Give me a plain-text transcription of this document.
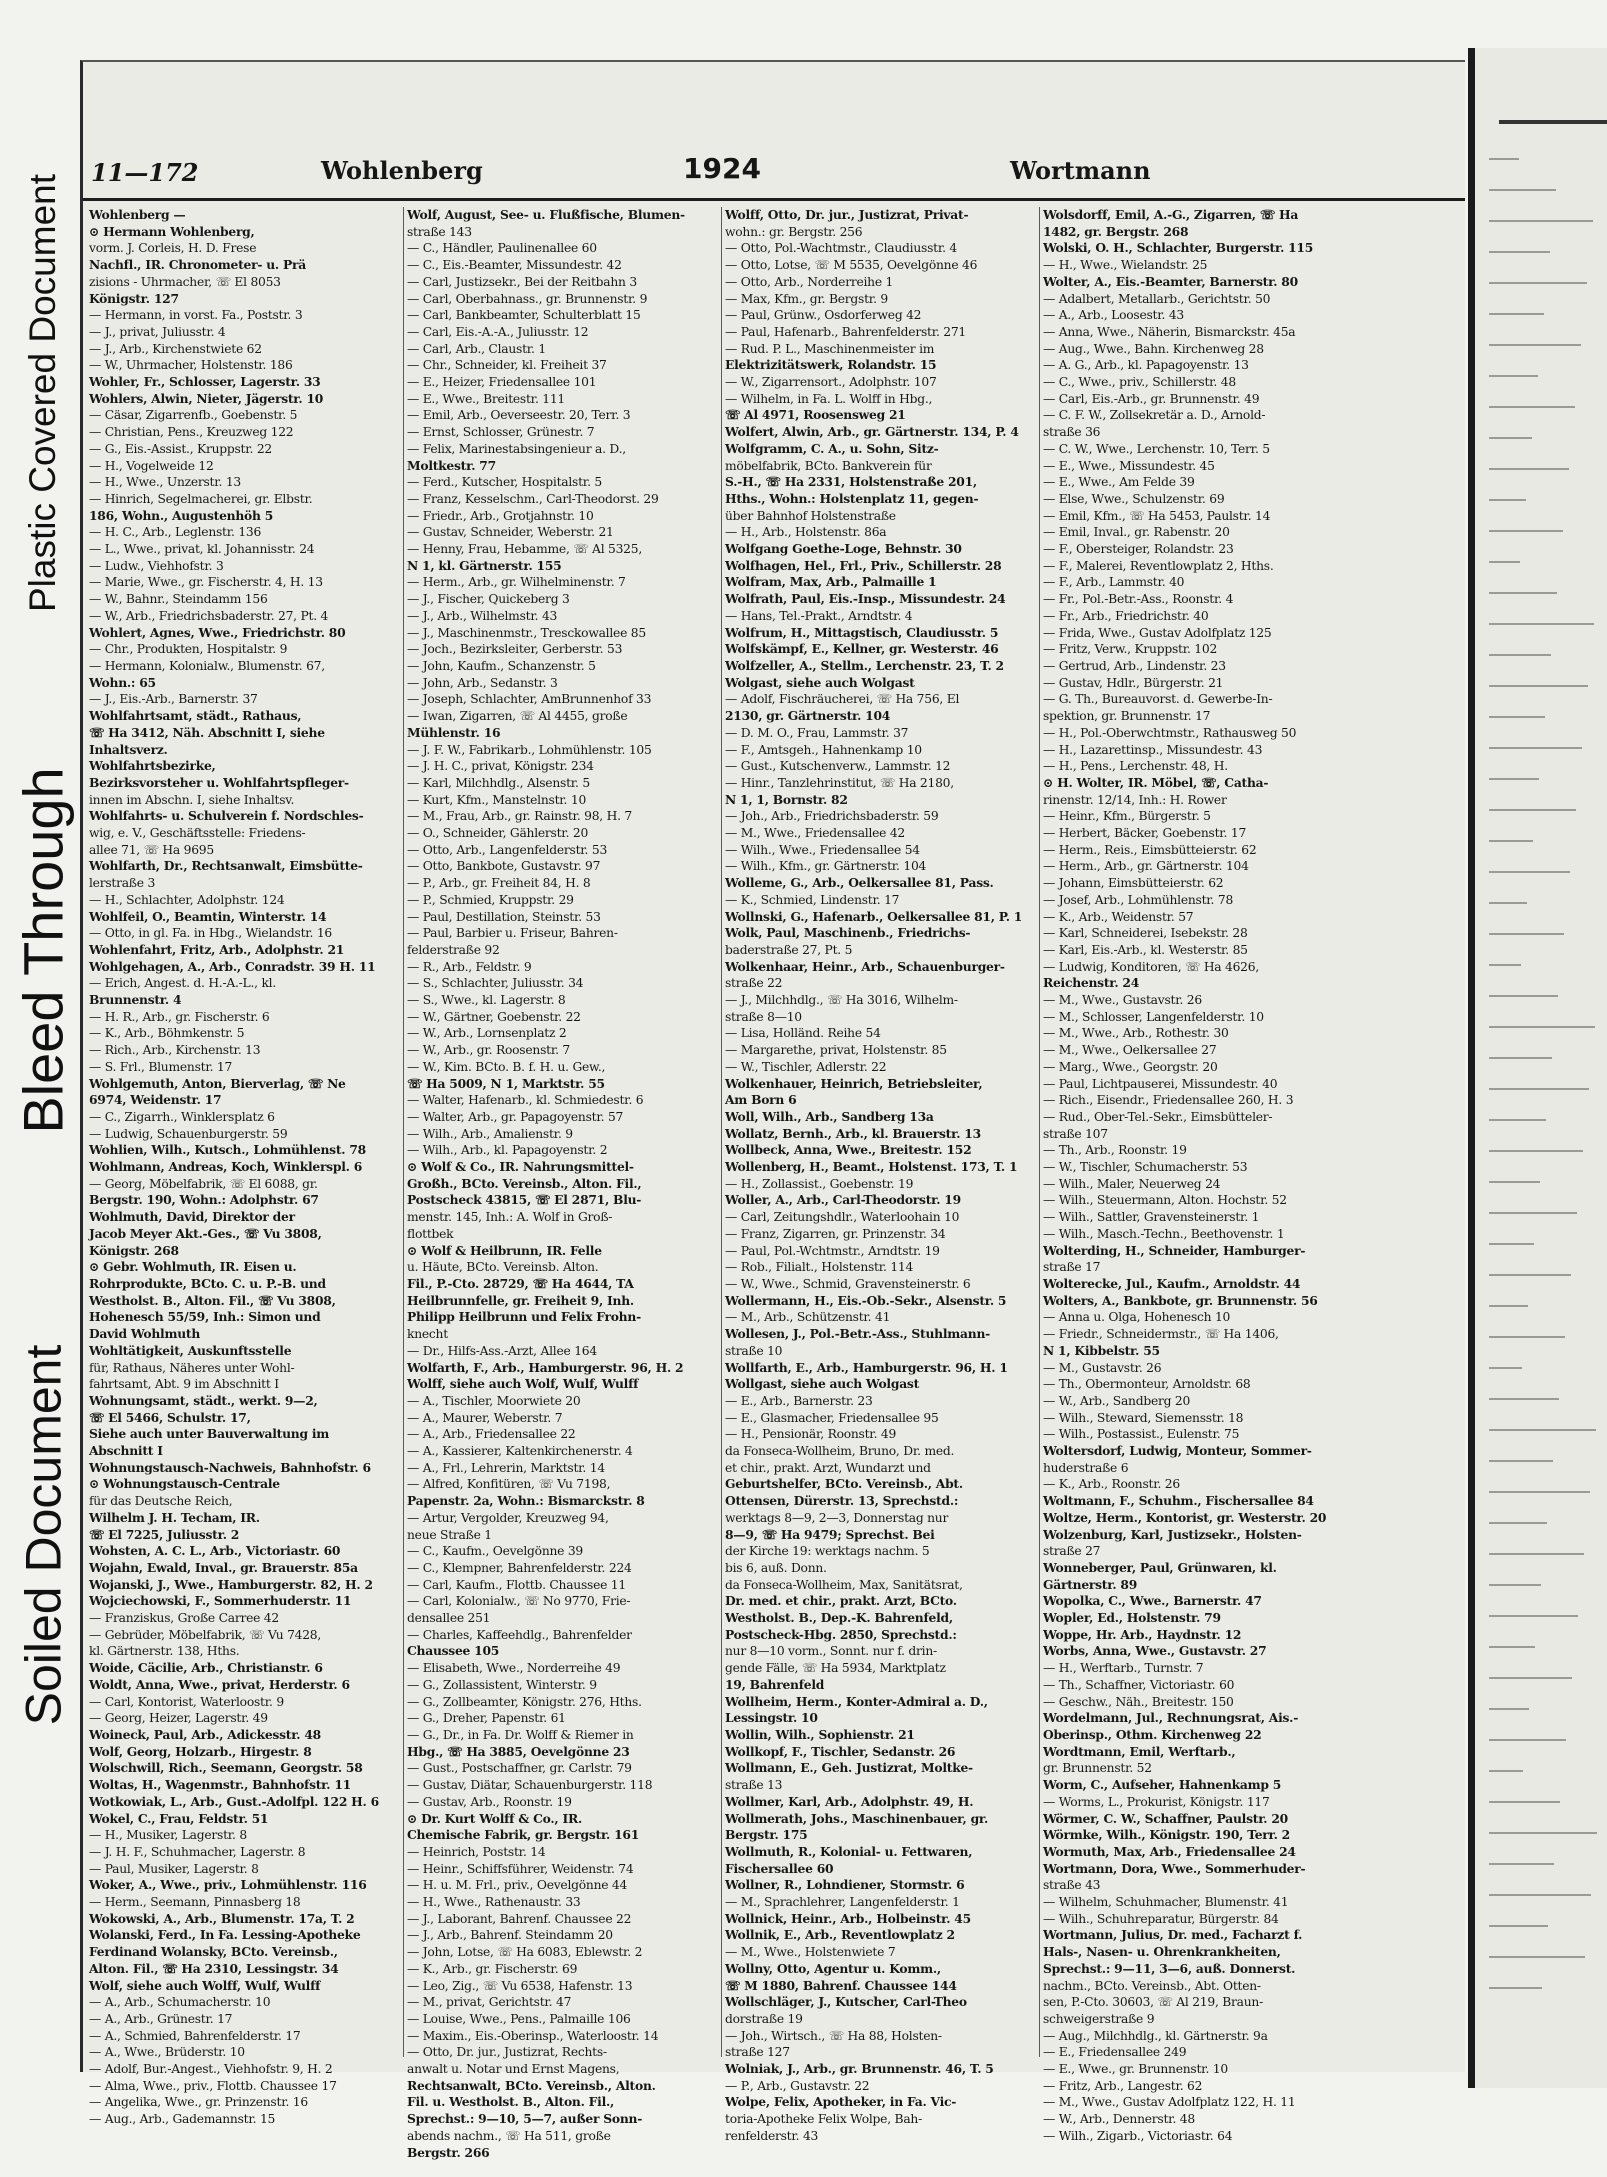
Plastic Covered Document
Bleed Through
Soiled Document
11—172	Wohlenberg	1924	Wortmann
Wohlenberg —
⊙ Hermann Wohlenberg,
vorm. J. Corleis, H. D. Frese
Nachfl., IR. Chronometer- u. Prä
zisions - Uhrmacher, ☏ El 8053
Königstr. 127
— Hermann, in vorst. Fa., Poststr. 3
— J., privat, Juliusstr. 4
— J., Arb., Kirchenstwiete 62
— W., Uhrmacher, Holstenstr. 186
Wohler, Fr., Schlosser, Lagerstr. 33
Wohlers, Alwin, Nieter, Jägerstr. 10
— Cäsar, Zigarrenfb., Goebenstr. 5
— Christian, Pens., Kreuzweg 122
— G., Eis.-Assist., Kruppstr. 22
— H., Vogelweide 12
— H., Wwe., Unzerstr. 13
— Hinrich, Segelmacherei, gr. Elbstr.
186, Wohn., Augustenhöh 5
— H. C., Arb., Leglenstr. 136
— L., Wwe., privat, kl. Johannisstr. 24
— Ludw., Viehhofstr. 3
— Marie, Wwe., gr. Fischerstr. 4, H. 13
— W., Bahnr., Steindamm 156
— W., Arb., Friedrichsbaderstr. 27, Pt. 4
Wohlert, Agnes, Wwe., Friedrichstr. 80
— Chr., Produkten, Hospitalstr. 9
— Hermann, Kolonialw., Blumenstr. 67,
Wohn.: 65
— J., Eis.-Arb., Barnerstr. 37
Wohlfahrtsamt, städt., Rathaus,
☏ Ha 3412, Näh. Abschnitt I, siehe
Inhaltsverz.
Wohlfahrtsbezirke,
Bezirksvorsteher u. Wohlfahrtspfleger-
innen im Abschn. I, siehe Inhaltsv.
Wohlfahrts- u. Schulverein f. Nordschles-
wig, e. V., Geschäftsstelle: Friedens-
allee 71, ☏ Ha 9695
Wohlfarth, Dr., Rechtsanwalt, Eimsbütte-
lerstraße 3
— H., Schlachter, Adolphstr. 124
Wohlfeil, O., Beamtin, Winterstr. 14
— Otto, in gl. Fa. in Hbg., Wielandstr. 16
Wohlenfahrt, Fritz, Arb., Adolphstr. 21
Wohlgehagen, A., Arb., Conradstr. 39 H. 11
— Erich, Angest. d. H.-A.-L., kl.
Brunnenstr. 4
— H. R., Arb., gr. Fischerstr. 6
— K., Arb., Böhmkenstr. 5
— Rich., Arb., Kirchenstr. 13
— S. Frl., Blumenstr. 17
Wohlgemuth, Anton, Bierverlag, ☏ Ne
6974, Weidenstr. 17
— C., Zigarrh., Winklersplatz 6
— Ludwig, Schauenburgerstr. 59
Wohlien, Wilh., Kutsch., Lohmühlenst. 78
Wohlmann, Andreas, Koch, Winklerspl. 6
— Georg, Möbelfabrik, ☏ El 6088, gr.
Bergstr. 190, Wohn.: Adolphstr. 67
Wohlmuth, David, Direktor der
Jacob Meyer Akt.-Ges., ☏ Vu 3808,
Königstr. 268
⊙ Gebr. Wohlmuth, IR. Eisen u.
Rohrprodukte, BCto. C. u. P.-B. und
Westholst. B., Alton. Fil., ☏ Vu 3808,
Hohenesch 55/59, Inh.: Simon und
David Wohlmuth
Wohltätigkeit, Auskunftsstelle
für, Rathaus, Näheres unter Wohl-
fahrtsamt, Abt. 9 im Abschnitt I
Wohnungsamt, städt., werkt. 9—2,
☏ El 5466, Schulstr. 17,
Siehe auch unter Bauverwaltung im
Abschnitt I
Wohnungstausch-Nachweis, Bahnhofstr. 6
⊙ Wohnungstausch-Centrale
für das Deutsche Reich,
Wilhelm J. H. Techam, IR.
☏ El 7225, Juliusstr. 2
Wohsten, A. C. L., Arb., Victoriastr. 60
Wojahn, Ewald, Inval., gr. Brauerstr. 85a
Wojanski, J., Wwe., Hamburgerstr. 82, H. 2
Wojciechowski, F., Sommerhuderstr. 11
— Franziskus, Große Carree 42
— Gebrüder, Möbelfabrik, ☏ Vu 7428,
kl. Gärtnerstr. 138, Hths.
Woide, Cäcilie, Arb., Christianstr. 6
Woldt, Anna, Wwe., privat, Herderstr. 6
— Carl, Kontorist, Waterloostr. 9
— Georg, Heizer, Lagerstr. 49
Woineck, Paul, Arb., Adickesstr. 48
Wolf, Georg, Holzarb., Hirgestr. 8
Wolschwill, Rich., Seemann, Georgstr. 58
Woltas, H., Wagenmstr., Bahnhofstr. 11
Wotkowiak, L., Arb., Gust.-Adolfpl. 122 H. 6
Wokel, C., Frau, Feldstr. 51
— H., Musiker, Lagerstr. 8
— J. H. F., Schuhmacher, Lagerstr. 8
— Paul, Musiker, Lagerstr. 8
Woker, A., Wwe., priv., Lohmühlenstr. 116
— Herm., Seemann, Pinnasberg 18
Wokowski, A., Arb., Blumenstr. 17a, T. 2
Wolanski, Ferd., In Fa. Lessing-Apotheke
Ferdinand Wolansky, BCto. Vereinsb.,
Alton. Fil., ☏ Ha 2310, Lessingstr. 34
Wolf, siehe auch Wolff, Wulf, Wulff
— A., Arb., Schumacherstr. 10
— A., Arb., Grünestr. 17
— A., Schmied, Bahrenfelderstr. 17
— A., Wwe., Brüderstr. 10
— Adolf, Bur.-Angest., Viehhofstr. 9, H. 2
— Alma, Wwe., priv., Flottb. Chaussee 17
— Angelika, Wwe., gr. Prinzenstr. 16
— Aug., Arb., Gademannstr. 15
Wolf, August, See- u. Flußfische, Blumen-
straße 143
— C., Händler, Paulinenallee 60
— C., Eis.-Beamter, Missundestr. 42
— Carl, Justizsekr., Bei der Reitbahn 3
— Carl, Oberbahnass., gr. Brunnenstr. 9
— Carl, Bankbeamter, Schulterblatt 15
— Carl, Eis.-A.-A., Juliusstr. 12
— Carl, Arb., Claustr. 1
— Chr., Schneider, kl. Freiheit 37
— E., Heizer, Friedensallee 101
— E., Wwe., Breitestr. 111
— Emil, Arb., Oeverseestr. 20, Terr. 3
— Ernst, Schlosser, Grünestr. 7
— Felix, Marinestabsingenieur a. D.,
Moltkestr. 77
— Ferd., Kutscher, Hospitalstr. 5
— Franz, Kesselschm., Carl-Theodorst. 29
— Friedr., Arb., Grotjahnstr. 10
— Gustav, Schneider, Weberstr. 21
— Henny, Frau, Hebamme, ☏ Al 5325,
N 1, kl. Gärtnerstr. 155
— Herm., Arb., gr. Wilhelminenstr. 7
— J., Fischer, Quickeberg 3
— J., Arb., Wilhelmstr. 43
— J., Maschinenmstr., Tresckowallee 85
— Joch., Bezirksleiter, Gerberstr. 53
— John, Kaufm., Schanzenstr. 5
— John, Arb., Sedanstr. 3
— Joseph, Schlachter, AmBrunnenhof 33
— Iwan, Zigarren, ☏ Al 4455, große
Mühlenstr. 16
— J. F. W., Fabrikarb., Lohmühlenstr. 105
— J. H. C., privat, Königstr. 234
— Karl, Milchhdlg., Alsenstr. 5
— Kurt, Kfm., Manstelnstr. 10
— M., Frau, Arb., gr. Rainstr. 98, H. 7
— O., Schneider, Gählerstr. 20
— Otto, Arb., Langenfelderstr. 53
— Otto, Bankbote, Gustavstr. 97
— P., Arb., gr. Freiheit 84, H. 8
— P., Schmied, Kruppstr. 29
— Paul, Destillation, Steinstr. 53
— Paul, Barbier u. Friseur, Bahren-
felderstraße 92
— R., Arb., Feldstr. 9
— S., Schlachter, Juliusstr. 34
— S., Wwe., kl. Lagerstr. 8
— W., Gärtner, Goebenstr. 22
— W., Arb., Lornsenplatz 2
— W., Arb., gr. Roosenstr. 7
— W., Kim. BCto. B. f. H. u. Gew.,
☏ Ha 5009, N 1, Marktstr. 55
— Walter, Hafenarb., kl. Schmiedestr. 6
— Walter, Arb., gr. Papagoyenstr. 57
— Wilh., Arb., Amalienstr. 9
— Wilh., Arb., kl. Papagoyenstr. 2
⊙ Wolf & Co., IR. Nahrungsmittel-
Großh., BCto. Vereinsb., Alton. Fil.,
Postscheck 43815, ☏ El 2871, Blu-
menstr. 145, Inh.: A. Wolf in Groß-
flottbek
⊙ Wolf & Heilbrunn, IR. Felle
u. Häute, BCto. Vereinsb. Alton.
Fil., P.-Cto. 28729, ☏ Ha 4644, TA
Heilbrunnfelle, gr. Freiheit 9, Inh.
Philipp Heilbrunn und Felix Frohn-
knecht
— Dr., Hilfs-Ass.-Arzt, Allee 164
Wolfarth, F., Arb., Hamburgerstr. 96, H. 2
Wolff, siehe auch Wolf, Wulf, Wulff
— A., Tischler, Moorwiete 20
— A., Maurer, Weberstr. 7
— A., Arb., Friedensallee 22
— A., Kassierer, Kaltenkirchenerstr. 4
— A., Frl., Lehrerin, Marktstr. 14
— Alfred, Konfitüren, ☏ Vu 7198,
Papenstr. 2a, Wohn.: Bismarckstr. 8
— Artur, Vergolder, Kreuzweg 94,
neue Straße 1
— C., Kaufm., Oevelgönne 39
— C., Klempner, Bahrenfelderstr. 224
— Carl, Kaufm., Flottb. Chaussee 11
— Carl, Kolonialw., ☏ No 9770, Frie-
densallee 251
— Charles, Kaffeehdlg., Bahrenfelder
Chaussee 105
— Elisabeth, Wwe., Norderreihe 49
— G., Zollassistent, Winterstr. 9
— G., Zollbeamter, Königstr. 276, Hths.
— G., Dreher, Papenstr. 61
— G., Dr., in Fa. Dr. Wolff & Riemer in
Hbg., ☏ Ha 3885, Oevelgönne 23
— Gust., Postschaffner, gr. Carlstr. 79
— Gustav, Diätar, Schauenburgerstr. 118
— Gustav, Arb., Roonstr. 19
⊙ Dr. Kurt Wolff & Co., IR.
Chemische Fabrik, gr. Bergstr. 161
— Heinrich, Poststr. 14
— Heinr., Schiffsführer, Weidenstr. 74
— H. u. M. Frl., priv., Oevelgönne 44
— H., Wwe., Rathenaustr. 33
— J., Laborant, Bahrenf. Chaussee 22
— J., Arb., Bahrenf. Steindamm 20
— John, Lotse, ☏ Ha 6083, Eblewstr. 2
— K., Arb., gr. Fischerstr. 69
— Leo, Zig., ☏ Vu 6538, Hafenstr. 13
— M., privat, Gerichtstr. 47
— Louise, Wwe., Pens., Palmaille 106
— Maxim., Eis.-Oberinsp., Waterloostr. 14
— Otto, Dr. jur., Justizrat, Rechts-
anwalt u. Notar und Ernst Magens,
Rechtsanwalt, BCto. Vereinsb., Alton.
Fil. u. Westholst. B., Alton. Fil.,
Sprechst.: 9—10, 5—7, außer Sonn-
abends nachm., ☏ Ha 511, große
Bergstr. 266
Wolff, Otto, Dr. jur., Justizrat, Privat-
wohn.: gr. Bergstr. 256
— Otto, Pol.-Wachtmstr., Claudiusstr. 4
— Otto, Lotse, ☏ M 5535, Oevelgönne 46
— Otto, Arb., Norderreihe 1
— Max, Kfm., gr. Bergstr. 9
— Paul, Grünw., Osdorferweg 42
— Paul, Hafenarb., Bahrenfelderstr. 271
— Rud. P. L., Maschinenmeister im
Elektrizitätswerk, Rolandstr. 15
— W., Zigarrensort., Adolphstr. 107
— Wilhelm, in Fa. L. Wolff in Hbg.,
☏ Al 4971, Roosensweg 21
Wolfert, Alwin, Arb., gr. Gärtnerstr. 134, P. 4
Wolfgramm, C. A., u. Sohn, Sitz-
möbelfabrik, BCto. Bankverein für
S.-H., ☏ Ha 2331, Holstenstraße 201,
Hths., Wohn.: Holstenplatz 11, gegen-
über Bahnhof Holstenstraße
— H., Arb., Holstenstr. 86a
Wolfgang Goethe-Loge, Behnstr. 30
Wolfhagen, Hel., Frl., Priv., Schillerstr. 28
Wolfram, Max, Arb., Palmaille 1
Wolfrath, Paul, Eis.-Insp., Missundestr. 24
— Hans, Tel.-Prakt., Arndtstr. 4
Wolfrum, H., Mittagstisch, Claudiusstr. 5
Wolfskämpf, E., Kellner, gr. Westerstr. 46
Wolfzeller, A., Stellm., Lerchenstr. 23, T. 2
Wolgast, siehe auch Wolgast
— Adolf, Fischräucherei, ☏ Ha 756, El
2130, gr. Gärtnerstr. 104
— D. M. O., Frau, Lammstr. 37
— F., Amtsgeh., Hahnenkamp 10
— Gust., Kutschenverw., Lammstr. 12
— Hinr., Tanzlehrinstitut, ☏ Ha 2180,
N 1, 1, Bornstr. 82
— Joh., Arb., Friedrichsbaderstr. 59
— M., Wwe., Friedensallee 42
— Wilh., Wwe., Friedensallee 54
— Wilh., Kfm., gr. Gärtnerstr. 104
Wolleme, G., Arb., Oelkersallee 81, Pass.
— K., Schmied, Lindenstr. 17
Wollnski, G., Hafenarb., Oelkersallee 81, P. 1
Wolk, Paul, Maschinenb., Friedrichs-
baderstraße 27, Pt. 5
Wolkenhaar, Heinr., Arb., Schauenburger-
straße 22
— J., Milchhdlg., ☏ Ha 3016, Wilhelm-
straße 8—10
— Lisa, Holländ. Reihe 54
— Margarethe, privat, Holstenstr. 85
— W., Tischler, Adlerstr. 22
Wolkenhauer, Heinrich, Betriebsleiter,
Am Born 6
Woll, Wilh., Arb., Sandberg 13a
Wollatz, Bernh., Arb., kl. Brauerstr. 13
Wollbeck, Anna, Wwe., Breitestr. 152
Wollenberg, H., Beamt., Holstenst. 173, T. 1
— H., Zollassist., Goebenstr. 19
Woller, A., Arb., Carl-Theodorstr. 19
— Carl, Zeitungshdlr., Waterloohain 10
— Franz, Zigarren, gr. Prinzenstr. 34
— Paul, Pol.-Wchtmstr., Arndtstr. 19
— Rob., Filialt., Holstenstr. 114
— W., Wwe., Schmid, Gravensteinerstr. 6
Wollermann, H., Eis.-Ob.-Sekr., Alsenstr. 5
— M., Arb., Schützenstr. 41
Wollesen, J., Pol.-Betr.-Ass., Stuhlmann-
straße 10
Wollfarth, E., Arb., Hamburgerstr. 96, H. 1
Wollgast, siehe auch Wolgast
— E., Arb., Barnerstr. 23
— E., Glasmacher, Friedensallee 95
— H., Pensionär, Roonstr. 49
da Fonseca-Wollheim, Bruno, Dr. med.
et chir., prakt. Arzt, Wundarzt und
Geburtshelfer, BCto. Vereinsb., Abt.
Ottensen, Dürerstr. 13, Sprechstd.:
werktags 8—9, 2—3, Donnerstag nur
8—9, ☏ Ha 9479; Sprechst. Bei
der Kirche 19: werktags nachm. 5
bis 6, auß. Donn.
da Fonseca-Wollheim, Max, Sanitätsrat,
Dr. med. et chir., prakt. Arzt, BCto.
Westholst. B., Dep.-K. Bahrenfeld,
Postscheck-Hbg. 2850, Sprechstd.:
nur 8—10 vorm., Sonnt. nur f. drin-
gende Fälle, ☏ Ha 5934, Marktplatz
19, Bahrenfeld
Wollheim, Herm., Konter-Admiral a. D.,
Lessingstr. 10
Wollin, Wilh., Sophienstr. 21
Wollkopf, F., Tischler, Sedanstr. 26
Wollmann, E., Geh. Justizrat, Moltke-
straße 13
Wollmer, Karl, Arb., Adolphstr. 49, H.
Wollmerath, Johs., Maschinenbauer, gr.
Bergstr. 175
Wollmuth, R., Kolonial- u. Fettwaren,
Fischersallee 60
Wollner, R., Lohndiener, Stormstr. 6
— M., Sprachlehrer, Langenfelderstr. 1
Wollnick, Heinr., Arb., Holbeinstr. 45
Wollnik, E., Arb., Reventlowplatz 2
— M., Wwe., Holstenwiete 7
Wollny, Otto, Agentur u. Komm.,
☏ M 1880, Bahrenf. Chaussee 144
Wollschläger, J., Kutscher, Carl-Theo
dorstraße 19
— Joh., Wirtsch., ☏ Ha 88, Holsten-
straße 127
Wolniak, J., Arb., gr. Brunnenstr. 46, T. 5
— P., Arb., Gustavstr. 22
Wolpe, Felix, Apotheker, in Fa. Vic-
toria-Apotheke Felix Wolpe, Bah-
renfelderstr. 43
Wolsdorff, Emil, A.-G., Zigarren, ☏ Ha
1482, gr. Bergstr. 268
Wolski, O. H., Schlachter, Burgerstr. 115
— H., Wwe., Wielandstr. 25
Wolter, A., Eis.-Beamter, Barnerstr. 80
— Adalbert, Metallarb., Gerichtstr. 50
— A., Arb., Loosestr. 43
— Anna, Wwe., Näherin, Bismarckstr. 45a
— Aug., Wwe., Bahn. Kirchenweg 28
— A. G., Arb., kl. Papagoyenstr. 13
— C., Wwe., priv., Schillerstr. 48
— Carl, Eis.-Arb., gr. Brunnenstr. 49
— C. F. W., Zollsekretär a. D., Arnold-
straße 36
— C. W., Wwe., Lerchenstr. 10, Terr. 5
— E., Wwe., Missundestr. 45
— E., Wwe., Am Felde 39
— Else, Wwe., Schulzenstr. 69
— Emil, Kfm., ☏ Ha 5453, Paulstr. 14
— Emil, Inval., gr. Rabenstr. 20
— F., Obersteiger, Rolandstr. 23
— F., Malerei, Reventlowplatz 2, Hths.
— F., Arb., Lammstr. 40
— Fr., Pol.-Betr.-Ass., Roonstr. 4
— Fr., Arb., Friedrichstr. 40
— Frida, Wwe., Gustav Adolfplatz 125
— Fritz, Verw., Kruppstr. 102
— Gertrud, Arb., Lindenstr. 23
— Gustav, Hdlr., Bürgerstr. 21
— G. Th., Bureauvorst. d. Gewerbe-In-
spektion, gr. Brunnenstr. 17
— H., Pol.-Oberwchtmstr., Rathausweg 50
— H., Lazarettinsp., Missundestr. 43
— H., Pens., Lerchenstr. 48, H.
⊙ H. Wolter, IR. Möbel, ☏, Catha-
rinenstr. 12/14, Inh.: H. Rower
— Heinr., Kfm., Bürgerstr. 5
— Herbert, Bäcker, Goebenstr. 17
— Herm., Reis., Eimsbütteierstr. 62
— Herm., Arb., gr. Gärtnerstr. 104
— Johann, Eimsbütteierstr. 62
— Josef, Arb., Lohmühlenstr. 78
— K., Arb., Weidenstr. 57
— Karl, Schneiderei, Isebekstr. 28
— Karl, Eis.-Arb., kl. Westerstr. 85
— Ludwig, Konditoren, ☏ Ha 4626,
Reichenstr. 24
— M., Wwe., Gustavstr. 26
— M., Schlosser, Langenfelderstr. 10
— M., Wwe., Arb., Rothestr. 30
— M., Wwe., Oelkersallee 27
— Marg., Wwe., Georgstr. 20
— Paul, Lichtpauserei, Missundestr. 40
— Rich., Eisendr., Friedensallee 260, H. 3
— Rud., Ober-Tel.-Sekr., Eimsbütteler-
straße 107
— Th., Arb., Roonstr. 19
— W., Tischler, Schumacherstr. 53
— Wilh., Maler, Neuerweg 24
— Wilh., Steuermann, Alton. Hochstr. 52
— Wilh., Sattler, Gravensteinerstr. 1
— Wilh., Masch.-Techn., Beethovenstr. 1
Wolterding, H., Schneider, Hamburger-
straße 17
Wolterecke, Jul., Kaufm., Arnoldstr. 44
Wolters, A., Bankbote, gr. Brunnenstr. 56
— Anna u. Olga, Hohenesch 10
— Friedr., Schneidermstr., ☏ Ha 1406,
N 1, Kibbelstr. 55
— M., Gustavstr. 26
— Th., Obermonteur, Arnoldstr. 68
— W., Arb., Sandberg 20
— Wilh., Steward, Siemensstr. 18
— Wilh., Postassist., Eulenstr. 75
Woltersdorf, Ludwig, Monteur, Sommer-
huderstraße 6
— K., Arb., Roonstr. 26
Woltmann, F., Schuhm., Fischersallee 84
Woltze, Herm., Kontorist, gr. Westerstr. 20
Wolzenburg, Karl, Justizsekr., Holsten-
straße 27
Wonneberger, Paul, Grünwaren, kl.
Gärtnerstr. 89
Wopolka, C., Wwe., Barnerstr. 47
Wopler, Ed., Holstenstr. 79
Woppe, Hr. Arb., Haydnstr. 12
Worbs, Anna, Wwe., Gustavstr. 27
— H., Werftarb., Turnstr. 7
— Th., Schaffner, Victoriastr. 60
— Geschw., Näh., Breitestr. 150
Wordelmann, Jul., Rechnungsrat, Ais.-
Oberinsp., Othm. Kirchenweg 22
Wordtmann, Emil, Werftarb.,
gr. Brunnenstr. 52
Worm, C., Aufseher, Hahnenkamp 5
— Worms, L., Prokurist, Königstr. 117
Wörmer, C. W., Schaffner, Paulstr. 20
Wörmke, Wilh., Königstr. 190, Terr. 2
Wormuth, Max, Arb., Friedensallee 24
Wortmann, Dora, Wwe., Sommerhuder-
straße 43
— Wilhelm, Schuhmacher, Blumenstr. 41
— Wilh., Schuhreparatur, Bürgerstr. 84
Wortmann, Julius, Dr. med., Facharzt f.
Hals-, Nasen- u. Ohrenkrankheiten,
Sprechst.: 9—11, 3—6, auß. Donnerst.
nachm., BCto. Vereinsb., Abt. Otten-
sen, P.-Cto. 30603, ☏ Al 219, Braun-
schweigerstraße 9
— Aug., Milchhdlg., kl. Gärtnerstr. 9a
— E., Friedensallee 249
— E., Wwe., gr. Brunnenstr. 10
— Fritz, Arb., Langestr. 62
— M., Wwe., Gustav Adolfplatz 122, H. 11
— W., Arb., Dennerstr. 48
— Wilh., Zigarb., Victoriastr. 64
